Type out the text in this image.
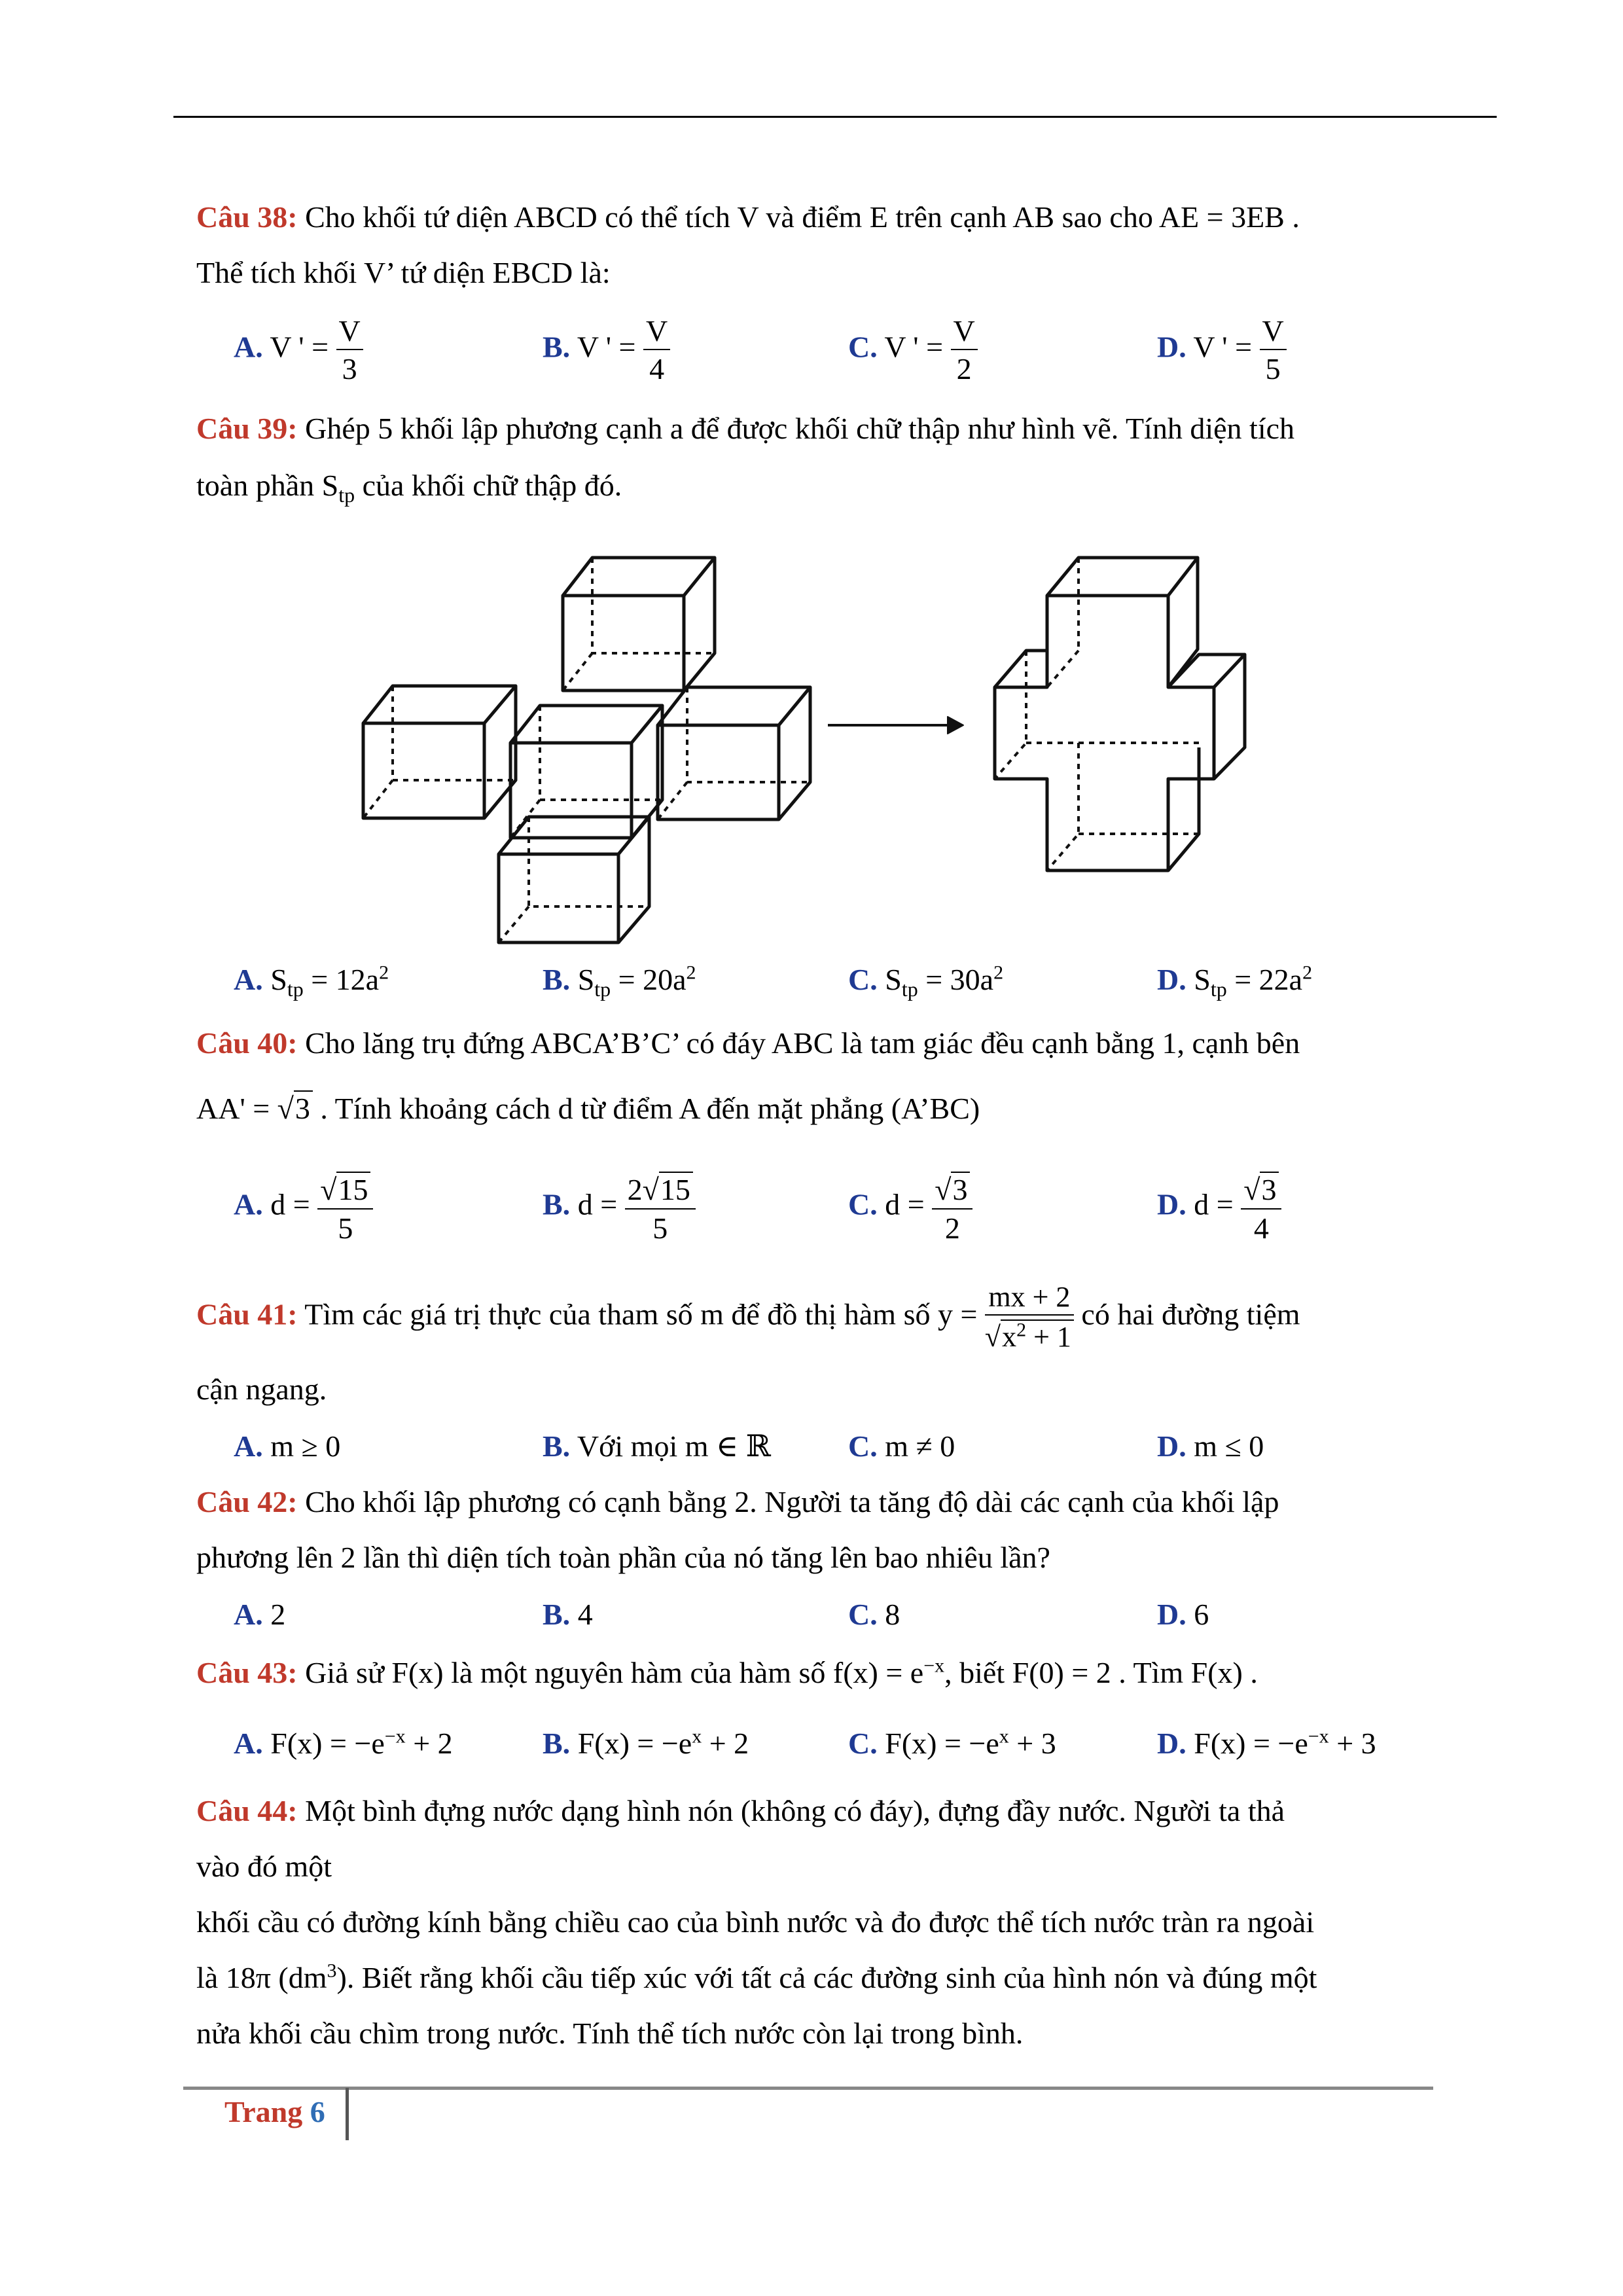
Câu 38: Cho khối tứ diện ABCD có thể tích V và điểm E trên cạnh AB sao cho AE = 3EB .
Thể tích khối V’ tứ diện EBCD là:
A. V ' = $\frac{V}{3}$	B. V ' = $\frac{V}{4}$	C. V ' = $\frac{V}{2}$	D. V ' = $\frac{V}{5}$
Câu 39: Ghép 5 khối lập phương cạnh a để được khối chữ thập như hình vẽ. Tính diện tích
toàn phần $S_{tp}$ của khối chữ thập đó.
A. $S_{tp} = 12a^2$	B. $S_{tp} = 20a^2$	C. $S_{tp} = 30a^2$	D. $S_{tp} = 22a^2$
Câu 40: Cho lăng trụ đứng ABCA’B’C’ có đáy ABC là tam giác đều cạnh bằng 1, cạnh bên
AA' = √3 . Tính khoảng cách d từ điểm A đến mặt phẳng (A’BC)
A. $d = \frac{√15}{5}$	B. $d = \frac{2√15}{5}$	C. $d = \frac{√3}{2}$	D. $d = \frac{√3}{4}$
Câu 41: Tìm các giá trị thực của tham số m để đồ thị hàm số $y = \frac{mx + 2}{√x^2 + 1}$ có hai đường tiệm
cận ngang.
A. m ≥ 0	B. Với mọi m ∈ ℝ	C. m ≠ 0	D. m ≤ 0
Câu 42: Cho khối lập phương có cạnh bằng 2. Người ta tăng độ dài các cạnh của khối lập
phương lên 2 lần thì diện tích toàn phần của nó tăng lên bao nhiêu lần?
A. 2	B. 4	C. 8	D. 6
Câu 43: Giả sử F(x) là một nguyên hàm của hàm số $f(x) = e^{-x}$, biết F(0) = 2 . Tìm F(x) .
A. $F(x) = -e^{-x} + 2$	B. $F(x) = -e^x + 2$	C. $F(x) = -e^x + 3$	D. $F(x) = -e^{-x} + 3$
Câu 44: Một bình đựng nước dạng hình nón (không có đáy), đựng đầy nước. Người ta thả
vào đó một
khối cầu có đường kính bằng chiều cao của bình nước và đo được thể tích nước tràn ra ngoài
là 18π $(dm^3)$. Biết rằng khối cầu tiếp xúc với tất cả các đường sinh của hình nón và đúng một
nửa khối cầu chìm trong nước. Tính thể tích nước còn lại trong bình.
Trang 6
